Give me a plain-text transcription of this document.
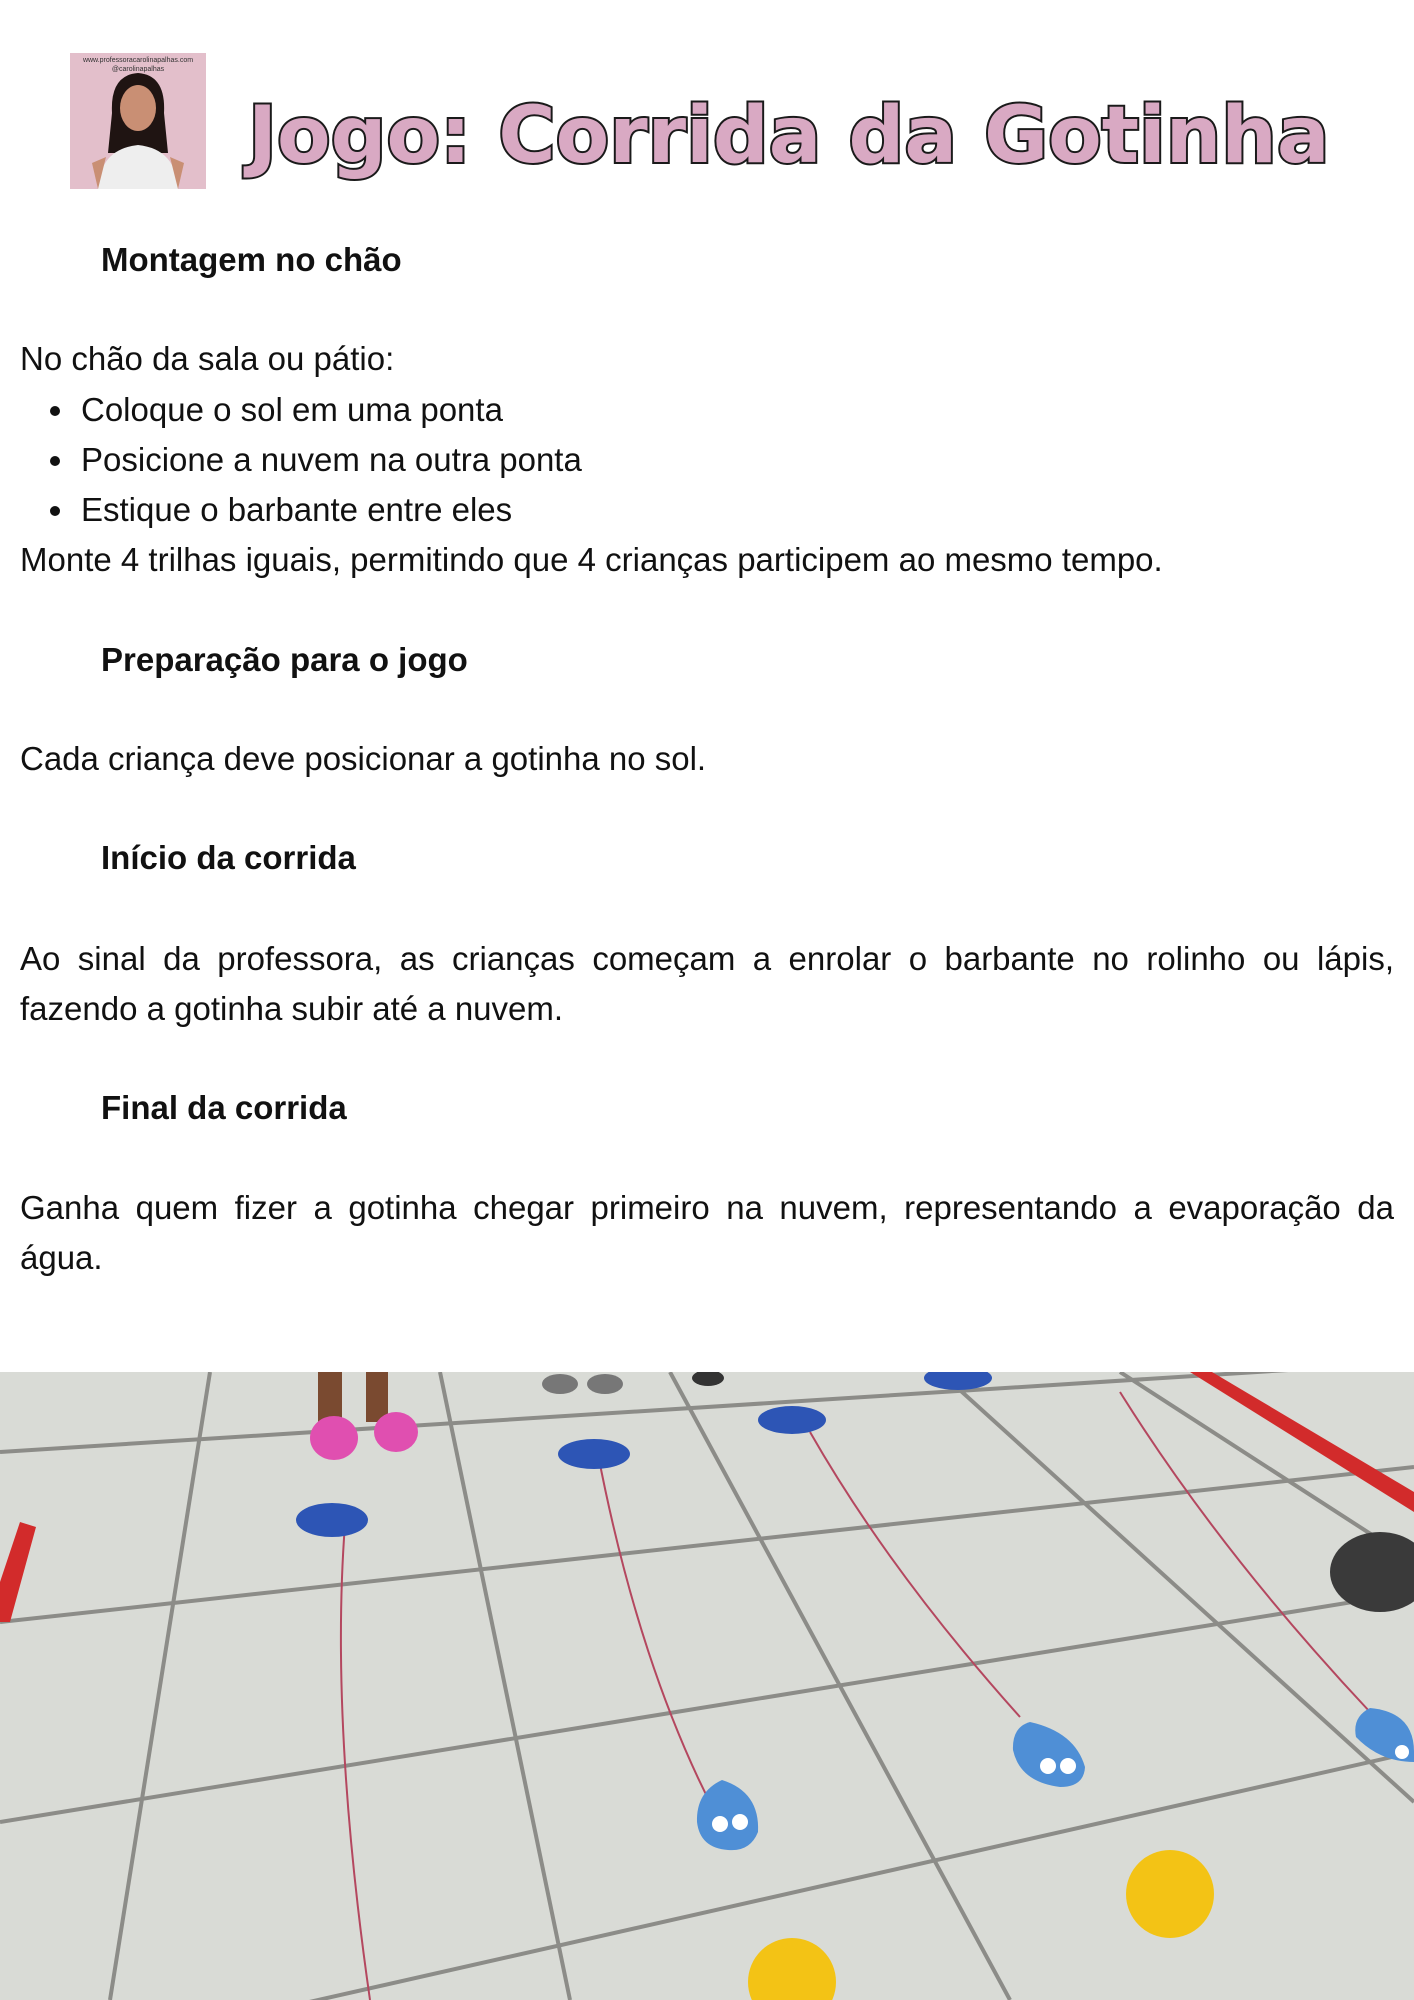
www.professoracarolinapalhas.com
@carolinapalhas
Jogo: Corrida da Gotinha
Montagem no chão

No chão da sala ou pátio:

Coloque o sol em uma ponta
Posicione a nuvem na outra ponta
Estique o barbante entre eles

Monte 4 trilhas iguais, permitindo que 4 crianças participem ao mesmo tempo.

Preparação para o jogo

Cada criança deve posicionar a gotinha no sol.

Início da corrida

Ao sinal da professora, as crianças começam a enrolar o barbante no rolinho ou lápis, fazendo a gotinha subir até a nuvem.

Final da corrida

Ganha quem fizer a gotinha chegar primeiro na nuvem, representando a evaporação da água.
